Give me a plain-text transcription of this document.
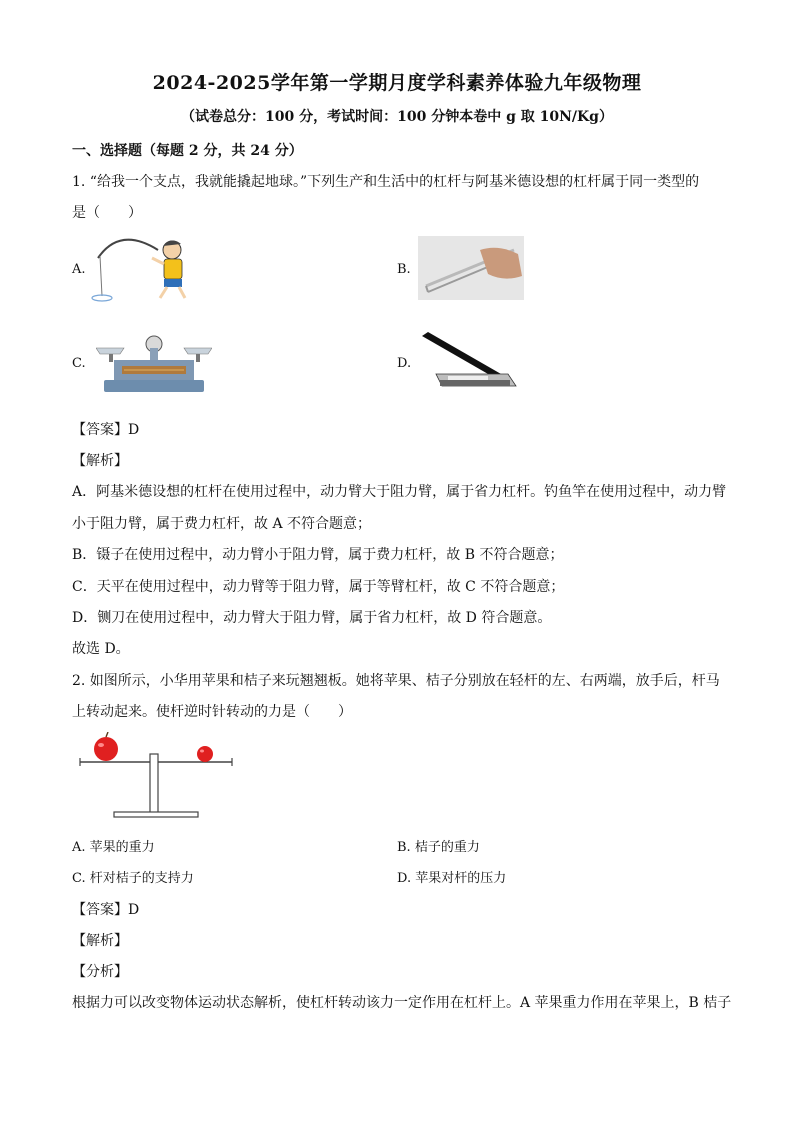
2024-2025学年第一学期月度学科素养体验九年级物理
（试卷总分：100 分，考试时间：100 分钟本卷中 g 取 10N/Kg）
一、选择题（每题 2 分，共 24 分）
1. “给我一个支点，我就能撬起地球。”下列生产和生活中的杠杆与阿基米德设想的杠杆属于同一类型的
是（　　）
A.	B.
C.	D.
【答案】D
【解析】
A．阿基米德设想的杠杆在使用过程中，动力臂大于阻力臂，属于省力杠杆。钓鱼竿在使用过程中，动力臂
小于阻力臂，属于费力杠杆，故 A 不符合题意；
B．镊子在使用过程中，动力臂小于阻力臂，属于费力杠杆，故 B 不符合题意；
C．天平在使用过程中，动力臂等于阻力臂，属于等臂杠杆，故 C 不符合题意；
D．铡刀在使用过程中，动力臂大于阻力臂，属于省力杠杆，故 D 符合题意。
故选 D。
2. 如图所示，小华用苹果和桔子来玩翘翘板。她将苹果、桔子分别放在轻杆的左、右两端，放手后，杆马
上转动起来。使杆逆时针转动的力是（　　）
A. 苹果的重力	B. 桔子的重力
C. 杆对桔子的支持力	D. 苹果对杆的压力
【答案】D
【解析】
【分析】
根据力可以改变物体运动状态解析，使杠杆转动该力一定作用在杠杆上。A 苹果重力作用在苹果上，B 桔子
